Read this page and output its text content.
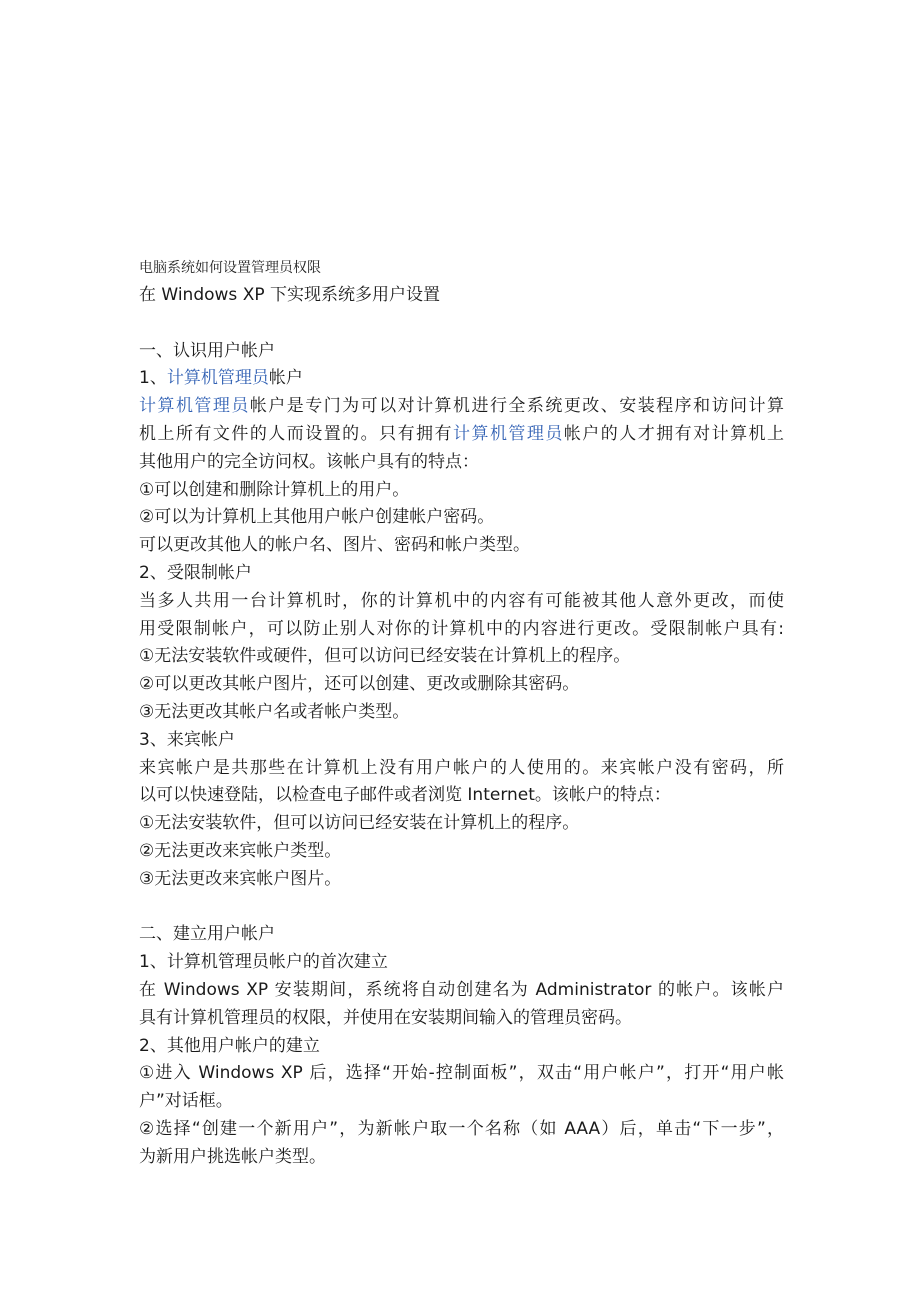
电脑系统如何设置管理员权限
在 Windows XP 下实现系统多用户设置
一、认识用户帐户
1、计算机管理员帐户
计算机管理员帐户是专门为可以对计算机进行全系统更改、安装程序和访问计算
机上所有文件的人而设置的。只有拥有计算机管理员帐户的人才拥有对计算机上
其他用户的完全访问权。该帐户具有的特点：
①可以创建和删除计算机上的用户。
②可以为计算机上其他用户帐户创建帐户密码。
可以更改其他人的帐户名、图片、密码和帐户类型。
2、受限制帐户
当多人共用一台计算机时，你的计算机中的内容有可能被其他人意外更改，而使
用受限制帐户，可以防止别人对你的计算机中的内容进行更改。受限制帐户具有:
①无法安装软件或硬件，但可以访问已经安装在计算机上的程序。
②可以更改其帐户图片，还可以创建、更改或删除其密码。
③无法更改其帐户名或者帐户类型。
3、来宾帐户
来宾帐户是共那些在计算机上没有用户帐户的人使用的。来宾帐户没有密码，所
以可以快速登陆，以检查电子邮件或者浏览 Internet。该帐户的特点：
①无法安装软件，但可以访问已经安装在计算机上的程序。
②无法更改来宾帐户类型。
③无法更改来宾帐户图片。
二、建立用户帐户
1、计算机管理员帐户的首次建立
在 Windows XP 安装期间，系统将自动创建名为 Administrator 的帐户。该帐户
具有计算机管理员的权限，并使用在安装期间输入的管理员密码。
2、其他用户帐户的建立
①进入 Windows XP 后，选择“开始-控制面板”，双击“用户帐户”，打开“用户帐
户”对话框。
②选择“创建一个新用户”，为新帐户取一个名称（如 AAA）后，单击“下一步”，
为新用户挑选帐户类型。
